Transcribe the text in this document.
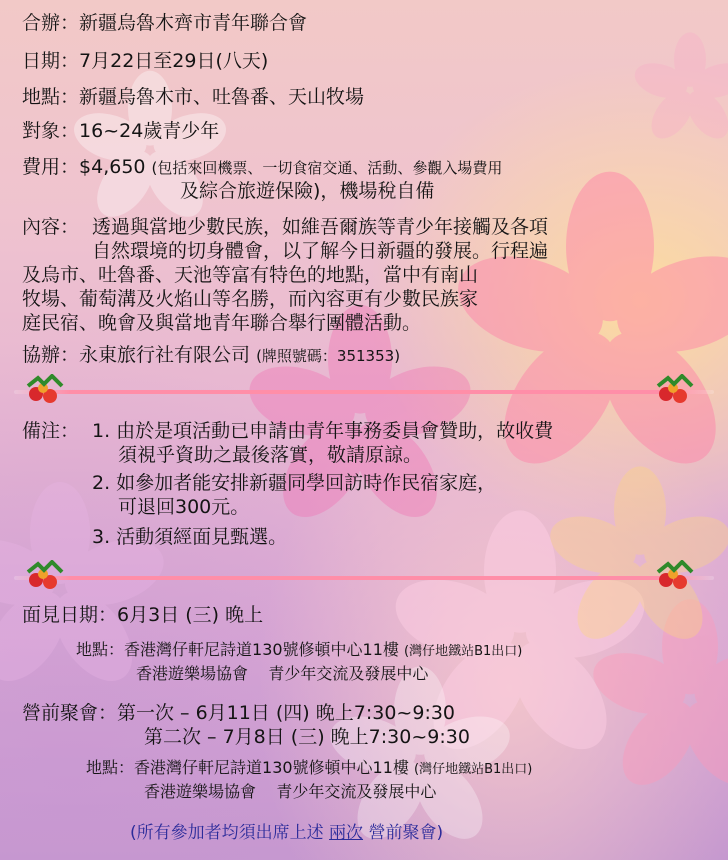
合辦：新疆烏魯木齊市青年聯合會
日期：7月22日至29日(八天)
地點：新疆烏魯木市、吐魯番、天山牧場
對象：16~24歲青少年
費用：$4,650 (包括來回機票、一切食宿交通、活動、參觀入場費用
及綜合旅遊保險)，機場稅自備
內容： 透過與當地少數民族，如維吾爾族等青少年接觸及各項
自然環境的切身體會，以了解今日新疆的發展。行程遍
及烏市、吐魯番、天池等富有特色的地點，當中有南山
牧場、葡萄溝及火焰山等名勝，而內容更有少數民族家
庭民宿、晚會及與當地青年聯合舉行團體活動。
協辦：永東旅行社有限公司 (牌照號碼：351353)
備注： 1. 由於是項活動已申請由青年事務委員會贊助，故收費
須視乎資助之最後落實，敬請原諒。
2. 如參加者能安排新疆同學回訪時作民宿家庭，
可退回300元。
3. 活動須經面見甄選。
面見日期：6月3日 (三) 晚上
地點：香港灣仔軒尼詩道130號修頓中心11樓 (灣仔地鐵站B1出口)
香港遊樂場協會 青少年交流及發展中心
營前聚會：第一次 – 6月11日 (四) 晚上7:30~9:30
第二次 – 7月8日 (三) 晚上7:30~9:30
地點：香港灣仔軒尼詩道130號修頓中心11樓 (灣仔地鐵站B1出口)
香港遊樂場協會 青少年交流及發展中心
(所有參加者均須出席上述 兩次 營前聚會)
